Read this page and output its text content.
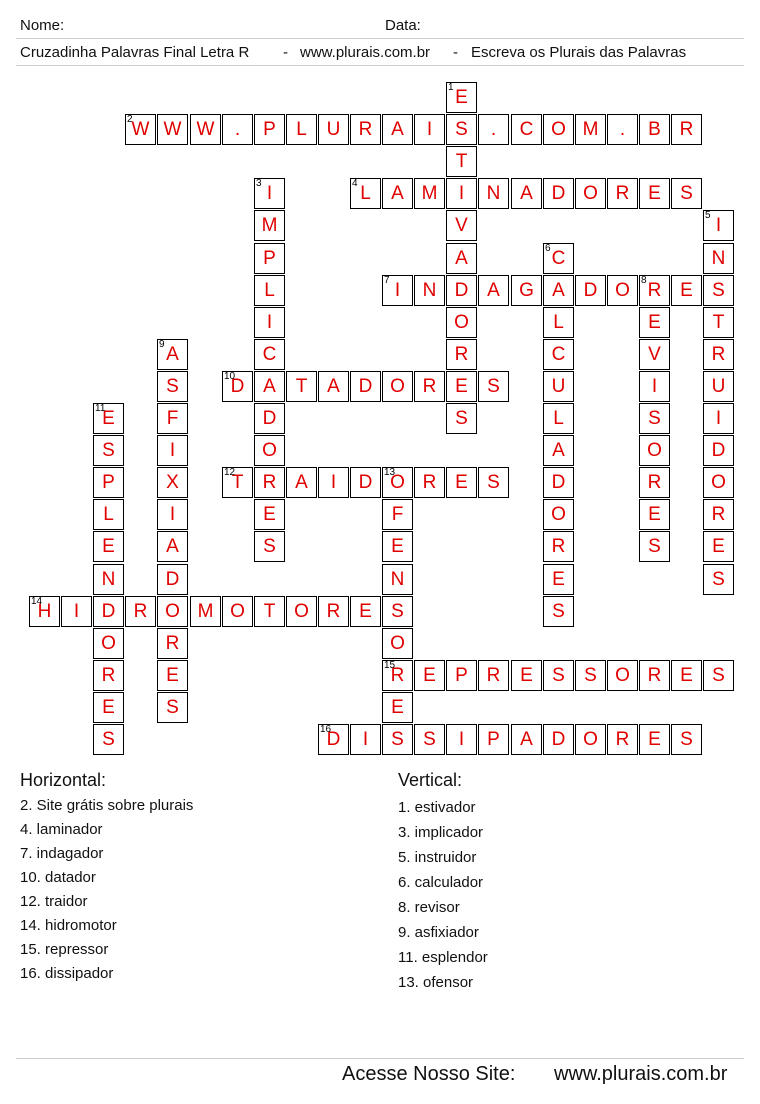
Nome:	Data:
Cruzadinha Palavras Final Letra R - www.plurais.com.br - Escreva os Plurais das Palavras
E
1
S
T
I
V
A
D
O
R
E
S
W
2	W W	.	P	L	U R A	I	.	C O M	.	B R
I
3
M
P
L
I
C
A
D
O
R
E
S
L
4	A M	N	A D O R E	S
I
5
N
S
T
R
U
I
D
O
R
E
S
C
6
A
L
C
U
L
A
D
O
R
E
S
I
7	N	A	G	D O R
8	E
E
V
I
S
O
R
E
S
A
9
S
F
I
X
I
A
D
O
R
E
S
D
10	T	A D O R	S
E
11
S
P
L
E
N
D
O
R
E
S
T
12	A	I	D O
13	R E	S
F
E
N
S
O
R
15
E
S
H
14	I	R	M O T O R E
E	P R	E	S	S O R E	S
D
16	I	S	I	P	A D O R E	S
Horizontal:
2. Site grátis sobre plurais
4. laminador
7. indagador
10. datador
12. traidor
14. hidromotor
15. repressor
16. dissipador
Vertical:
1. estivador
3. implicador
5. instruidor
6. calculador
8. revisor
9. asfixiador
11. esplendor
13. ofensor
Acesse Nosso Site: www.plurais.com.br
